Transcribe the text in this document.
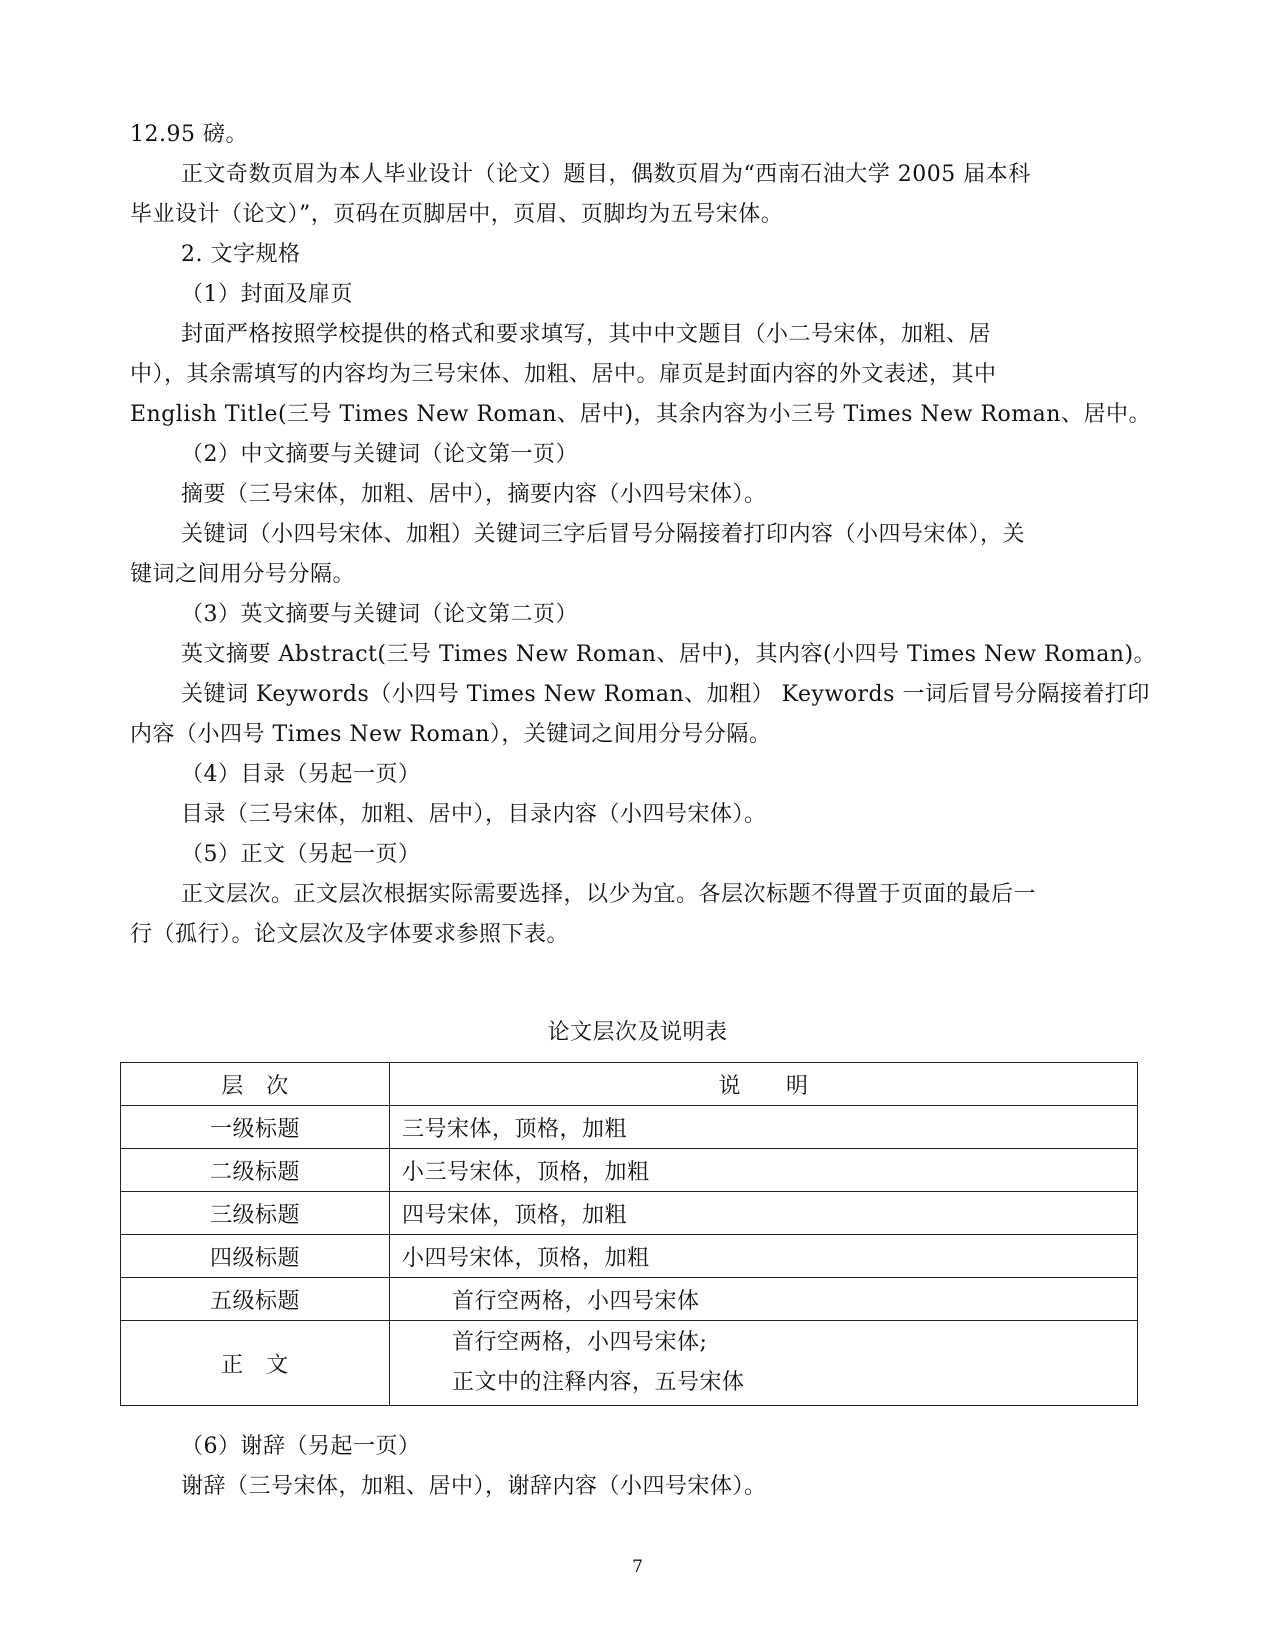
12.95 磅。
正文奇数页眉为本人毕业设计（论文）题目，偶数页眉为“西南石油大学 2005 届本科
毕业设计（论文）”，页码在页脚居中，页眉、页脚均为五号宋体。
2. 文字规格
（1）封面及扉页
封面严格按照学校提供的格式和要求填写，其中中文题目（小二号宋体，加粗、居
中），其余需填写的内容均为三号宋体、加粗、居中。扉页是封面内容的外文表述，其中
English Title(三号 Times New Roman、居中)，其余内容为小三号 Times New Roman、居中。
（2）中文摘要与关键词（论文第一页）
摘要（三号宋体，加粗、居中），摘要内容（小四号宋体）。
关键词（小四号宋体、加粗）关键词三字后冒号分隔接着打印内容（小四号宋体），关
键词之间用分号分隔。
（3）英文摘要与关键词（论文第二页）
英文摘要 Abstract(三号 Times New Roman、居中)，其内容(小四号 Times New Roman)。
关键词 Keywords（小四号 Times New Roman、加粗） Keywords 一词后冒号分隔接着打印
内容（小四号 Times New Roman），关键词之间用分号分隔。
（4）目录（另起一页）
目录（三号宋体，加粗、居中），目录内容（小四号宋体）。
（5）正文（另起一页）
正文层次。正文层次根据实际需要选择，以少为宜。各层次标题不得置于页面的最后一
行（孤行）。论文层次及字体要求参照下表。
论文层次及说明表
层　次	说　　明
一级标题	三号宋体，顶格，加粗
二级标题	小三号宋体，顶格，加粗
三级标题	四号宋体，顶格，加粗
四级标题	小四号宋体，顶格，加粗
五级标题	首行空两格，小四号宋体
正　文	首行空两格，小四号宋体;
正文中的注释内容，五号宋体
（6）谢辞（另起一页）
谢辞（三号宋体，加粗、居中），谢辞内容（小四号宋体）。
7
